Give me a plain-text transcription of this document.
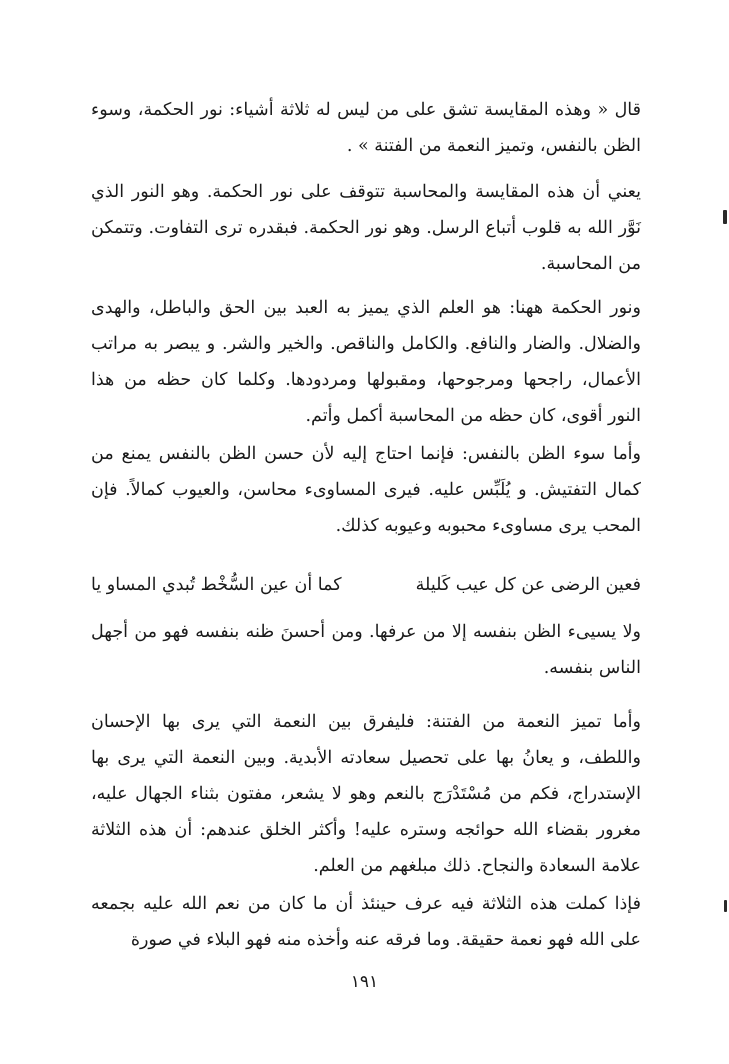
قال « وهذه المقايسة تشق على من ليس له ثلاثة أشياء: نور الحكمة، وسوء الظن بالنفس، وتميز النعمة من الفتنة » .

يعني أن هذه المقايسة والمحاسبة تتوقف على نور الحكمة. وهو النور الذي نَوَّر الله به قلوب أتباع الرسل. وهو نور الحكمة. فبقدره ترى التفاوت. وتتمكن من المحاسبة.

ونور الحكمة ههنا: هو العلم الذي يميز به العبد بين الحق والباطل، والهدى والضلال. والضار والنافع. والكامل والناقص. والخير والشر. و يبصر به مراتب الأعمال، راجحها ومرجوحها، ومقبولها ومردودها. وكلما كان حظه من هذا النور أقوى، كان حظه من المحاسبة أكمل وأتم.

وأما سوء الظن بالنفس: فإنما احتاج إليه لأن حسن الظن بالنفس يمنع من كمال التفتيش. و يُلَبِّس عليه. فيرى المساوىء محاسن، والعيوب كمالاً. فإن المحب يرى مساوىء محبوبه وعيوبه كذلك.

فعين الرضى عن كل عيب كَليلة
كما أن عين السُّخْط تُبدي المساو يا

ولا يسيىء الظن بنفسه إلا من عرفها. ومن أحسنَ ظنه بنفسه فهو من أجهل الناس بنفسه.

وأما تميز النعمة من الفتنة: فليفرق بين النعمة التي يرى بها الإحسان واللطف، و يعانُ بها على تحصيل سعادته الأبدية. وبين النعمة التي يرى بها الإستدراج، فكم من مُسْتَدْرَج بالنعم وهو لا يشعر، مفتون بثناء الجهال عليه، مغرور بقضاء الله حوائجه وستره عليه! وأكثر الخلق عندهم: أن هذه الثلاثة علامة السعادة والنجاح. ذلك مبلغهم من العلم.

فإذا كملت هذه الثلاثة فيه عرف حينئذ أن ما كان من نعم الله عليه بجمعه على الله فهو نعمة حقيقة. وما فرقه عنه وأخذه منه فهو البلاء في صورة

١٩١
